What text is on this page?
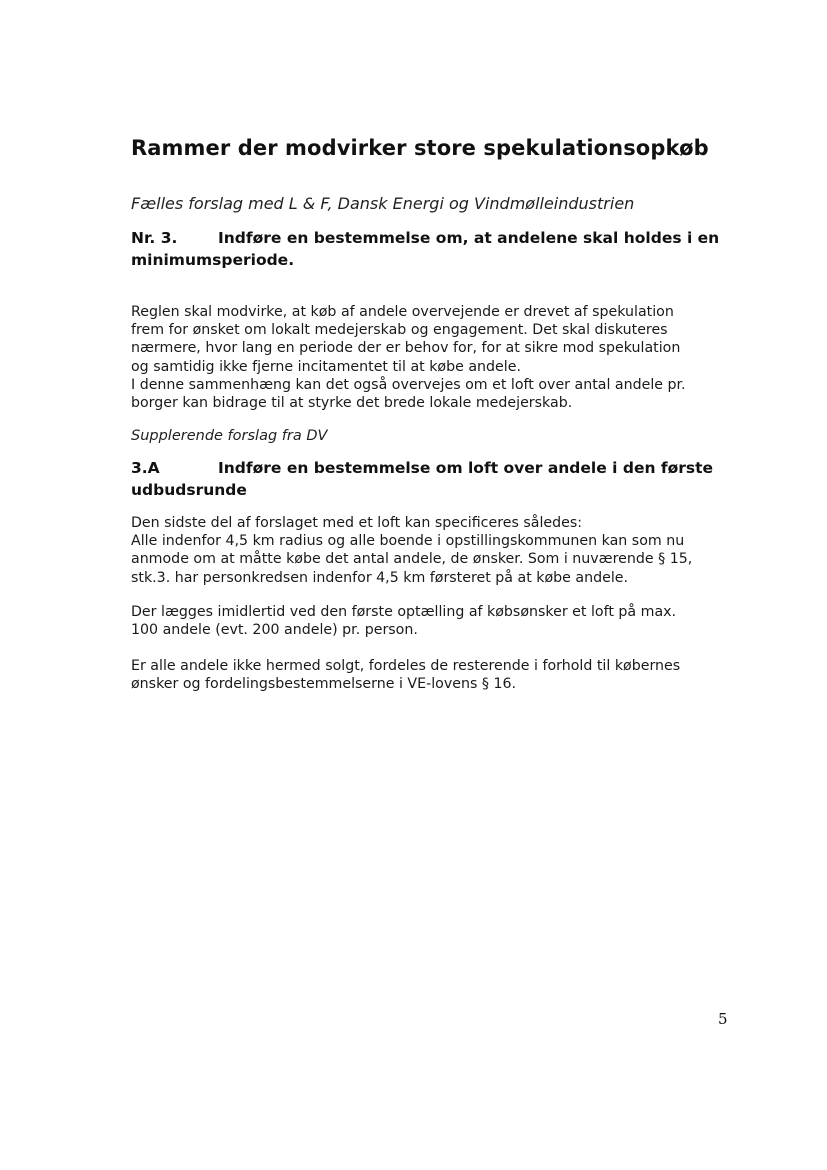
Rammer der modvirker store spekulationsopkøb
Fælles forslag med L & F, Dansk Energi og Vindmølleindustrien
Nr. 3.	Indføre en bestemmelse om, at andelene skal holdes i en
minimumsperiode.
Reglen skal modvirke, at køb af andele overvejende er drevet af spekulation
frem for ønsket om lokalt medejerskab og engagement. Det skal diskuteres
nærmere, hvor lang en periode der er behov for, for at sikre mod spekulation
og samtidig ikke fjerne incitamentet til at købe andele.
I denne sammenhæng kan det også overvejes om et loft over antal andele pr.
borger kan bidrage til at styrke det brede lokale medejerskab.
Supplerende forslag fra DV
3.A	Indføre en bestemmelse om loft over andele i den første
udbudsrunde
Den sidste del af forslaget med et loft kan specificeres således:
Alle indenfor 4,5 km radius og alle boende i opstillingskommunen kan som nu
anmode om at måtte købe det antal andele, de ønsker. Som i nuværende § 15,
stk.3. har personkredsen indenfor 4,5 km førsteret på at købe andele.
Der lægges imidlertid ved den første optælling af købsønsker et loft på max.
100 andele (evt. 200 andele) pr. person.
Er alle andele ikke hermed solgt, fordeles de resterende i forhold til købernes
ønsker og fordelingsbestemmelserne i VE-lovens § 16.
5
